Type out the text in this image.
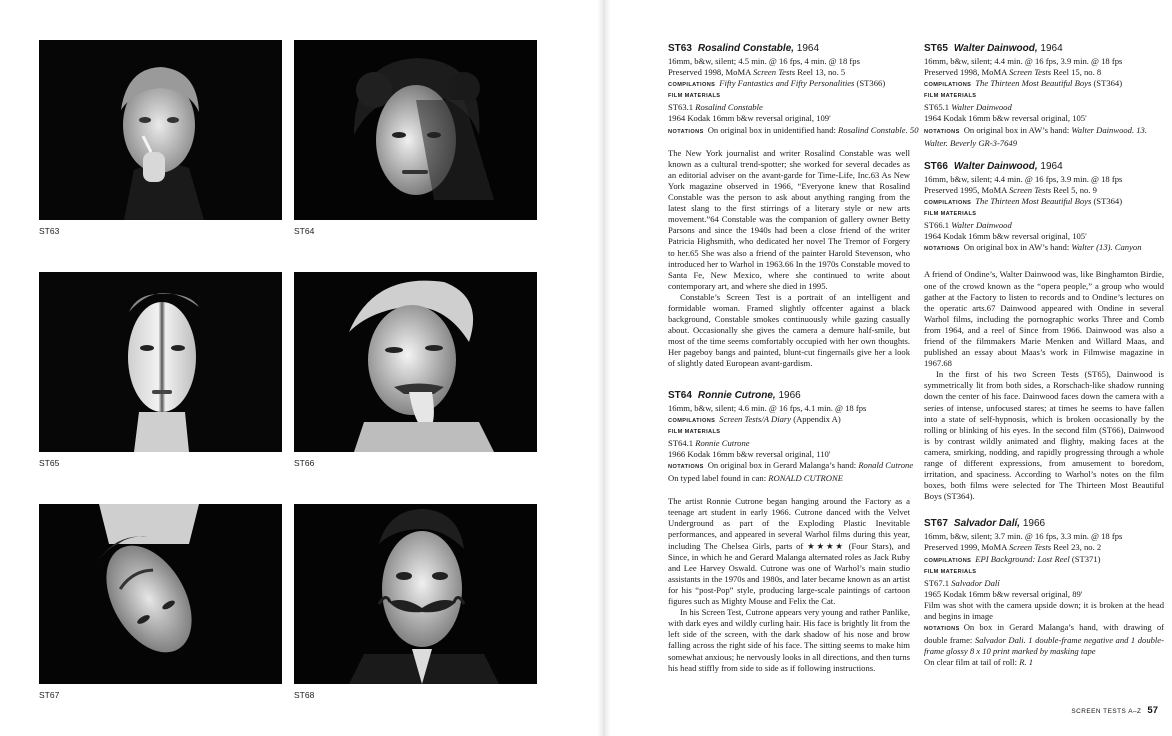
ST63	ST64
ST65	ST66
ST67	ST68
ST63 Rosalind Constable, 1964
16mm, b&w, silent; 4.5 min. @ 16 fps, 4 min. @ 18 fps
Preserved 1998, MoMA Screen Tests Reel 13, no. 5
COMPILATIONS Fifty Fantastics and Fifty Personalities (ST366)
FILM MATERIALS
ST63.1 Rosalind Constable
1964 Kodak 16mm b&w reversal original, 109'
NOTATIONS On original box in unidentified hand: Rosalind Constable. 50
The New York journalist and writer Rosalind Constable was well known as a cultural trend-spotter; she worked for several decades as an editorial adviser on the avant-garde for Time-Life, Inc.63 As New York magazine observed in 1966, “Everyone knew that Rosalind Constable was the person to ask about anything ranging from the latest slang to the first stirrings of a literary style or new arts movement.”64 Constable was the companion of gallery owner Betty Parsons and since the 1940s had been a close friend of the writer Patricia Highsmith, who dedicated her novel The Tremor of Forgery to her.65 She was also a friend of the painter Harold Stevenson, who introduced her to Warhol in 1963.66 In the 1970s Constable moved to Santa Fe, New Mexico, where she continued to write about contemporary art, and where she died in 1995.
Constable’s Screen Test is a portrait of an intelligent and formidable woman. Framed slightly offcenter against a black background, Constable smokes continuously while gazing casually about. Occasionally she gives the camera a demure half-smile, but most of the time seems comfortably occupied with her own thoughts. Her pageboy bangs and painted, blunt-cut fingernails give her a look of slightly dated European avant-gardism.
ST64 Ronnie Cutrone, 1966
16mm, b&w, silent; 4.6 min. @ 16 fps, 4.1 min. @ 18 fps
COMPILATIONS Screen Tests/A Diary (Appendix A)
FILM MATERIALS
ST64.1 Ronnie Cutrone
1966 Kodak 16mm b&w reversal original, 110'
NOTATIONS On original box in Gerard Malanga’s hand: Ronald Cutrone
On typed label found in can: RONALD CUTRONE
The artist Ronnie Cutrone began hanging around the Factory as a teenage art student in early 1966. Cutrone danced with the Velvet Underground as part of the Exploding Plastic Inevitable performances, and appeared in several Warhol films during this year, including The Chelsea Girls, parts of ★★★★ (Four Stars), and Since, in which he and Gerard Malanga alternated roles as Jack Ruby and Lee Harvey Oswald. Cutrone was one of Warhol’s main studio assistants in the 1970s and 1980s, and later became known as an artist for his “post-Pop” style, producing large-scale paintings of cartoon figures such as Mighty Mouse and Felix the Cat.
In his Screen Test, Cutrone appears very young and rather Panlike, with dark eyes and wildly curling hair. His face is brightly lit from the left side of the screen, with the dark shadow of his nose and brow falling across the right side of his face. The sitting seems to make him somewhat anxious; he nervously looks in all directions, and then turns his head stiffly from side to side as if following instructions.
ST65 Walter Dainwood, 1964
16mm, b&w, silent; 4.4 min. @ 16 fps, 3.9 min. @ 18 fps
Preserved 1998, MoMA Screen Tests Reel 15, no. 8
COMPILATIONS The Thirteen Most Beautiful Boys (ST364)
FILM MATERIALS
ST65.1 Walter Dainwood
1964 Kodak 16mm b&w reversal original, 105'
NOTATIONS On original box in AW’s hand: Walter Dainwood. 13.
Walter. Beverly GR-3-7649
ST66 Walter Dainwood, 1964
16mm, b&w, silent; 4.4 min. @ 16 fps, 3.9 min. @ 18 fps
Preserved 1995, MoMA Screen Tests Reel 5, no. 9
COMPILATIONS The Thirteen Most Beautiful Boys (ST364)
FILM MATERIALS
ST66.1 Walter Dainwood
1964 Kodak 16mm b&w reversal original, 105'
NOTATIONS On original box in AW’s hand: Walter (13). Canyon
A friend of Ondine’s, Walter Dainwood was, like Binghamton Birdie, one of the crowd known as the “opera people,” a group who would gather at the Factory to listen to records and to Ondine’s lectures on the operatic arts.67 Dainwood appeared with Ondine in several Warhol films, including the pornographic works Three and Comb from 1964, and a reel of Since from 1966. Dainwood was also a friend of the filmmakers Marie Menken and Willard Maas, and published an essay about Maas’s work in Filmwise magazine in 1967.68
In the first of his two Screen Tests (ST65), Dainwood is symmetrically lit from both sides, a Rorschach-like shadow running down the center of his face. Dainwood faces down the camera with a series of intense, unfocused stares; at times he seems to have fallen into a state of self-hypnosis, which is broken occasionally by the rolling or blinking of his eyes. In the second film (ST66), Dainwood is by contrast wildly animated and flighty, making faces at the camera, smirking, nodding, and rapidly progressing through a whole range of different expressions, from amusement to boredom, irritation, and spaciness. According to Warhol’s notes on the film boxes, both films were selected for The Thirteen Most Beautiful Boys (ST364).
ST67 Salvador Dalí, 1966
16mm, b&w, silent; 3.7 min. @ 16 fps, 3.3 min. @ 18 fps
Preserved 1999, MoMA Screen Tests Reel 23, no. 2
COMPILATIONS EPI Background: Lost Reel (ST371)
FILM MATERIALS
ST67.1 Salvador Dalí
1965 Kodak 16mm b&w reversal original, 89'
Film was shot with the camera upside down; it is broken at the head and begins in image
NOTATIONS On box in Gerard Malanga’s hand, with drawing of double frame: Salvador Dali. 1 double-frame negative and 1 double-frame glossy 8 x 10 print marked by masking tape
On clear film at tail of roll: R. 1
SCREEN TESTS A–Z 57
